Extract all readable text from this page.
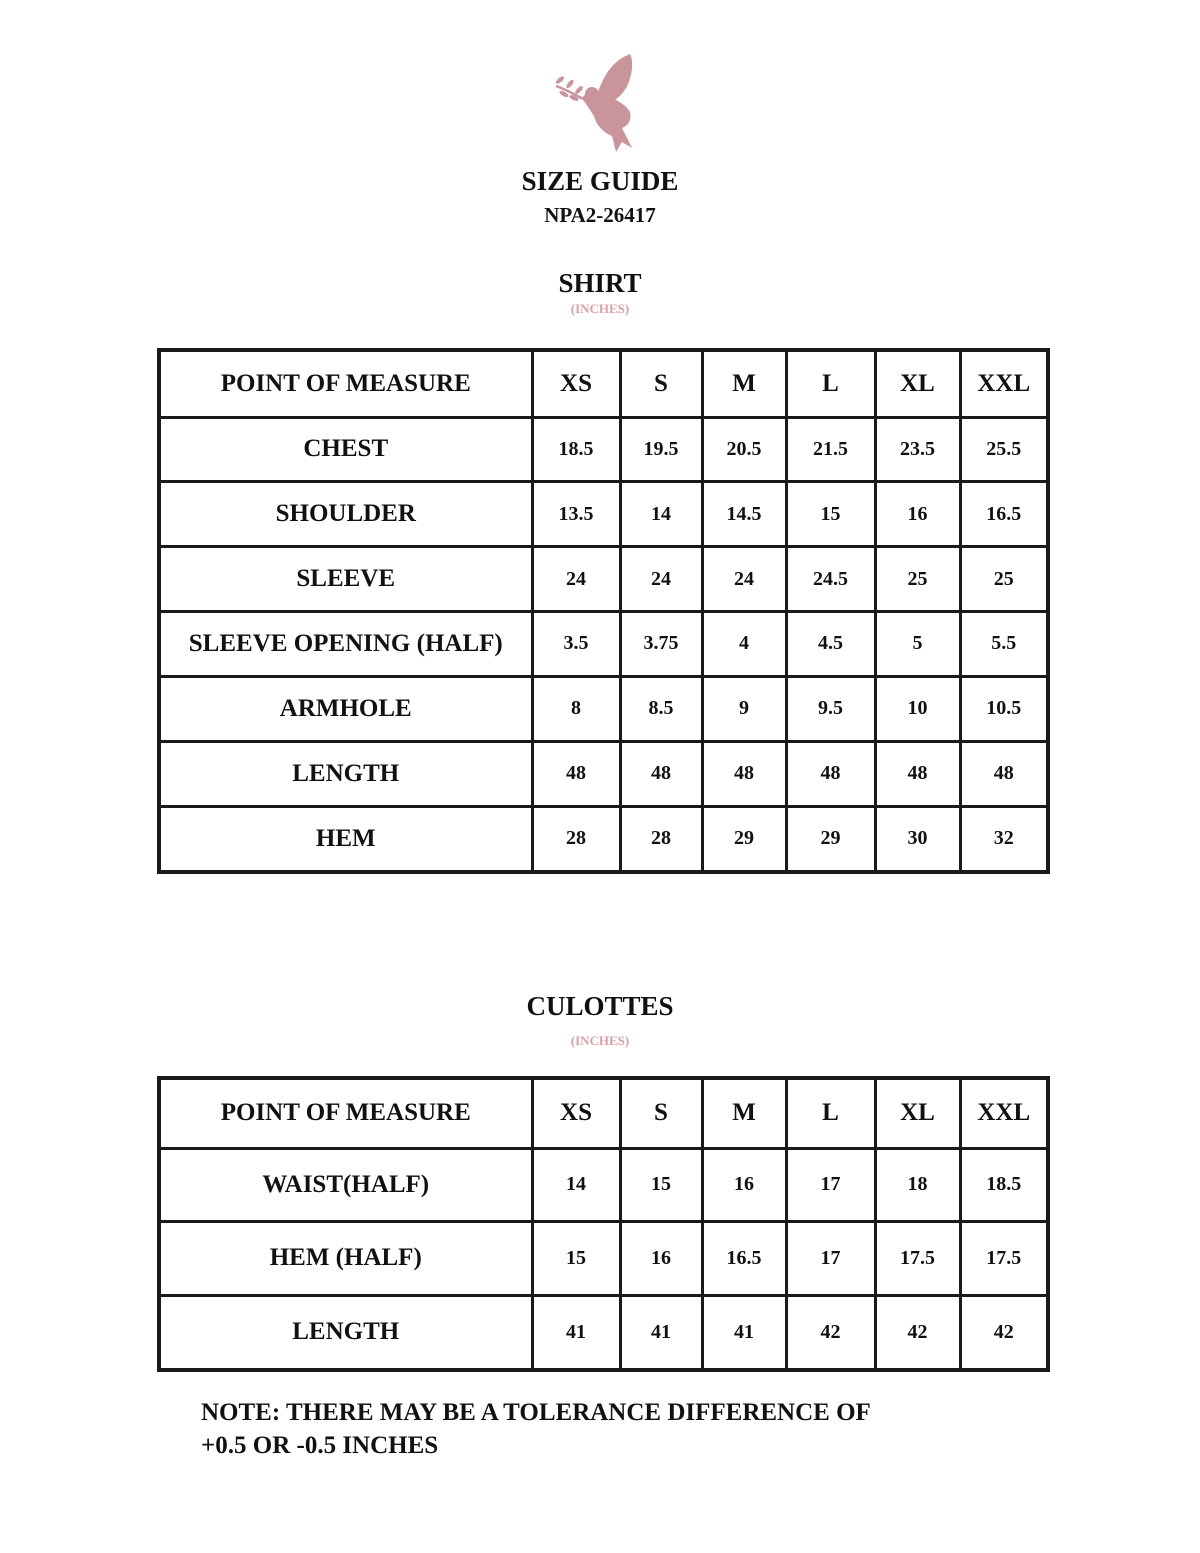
SIZE GUIDE
NPA2-26417
SHIRT
(INCHES)
POINT OF MEASURE	XS	S	M	L	XL	XXL
CHEST	18.5	19.5	20.5	21.5	23.5	25.5
SHOULDER	13.5	14	14.5	15	16	16.5
SLEEVE	24	24	24	24.5	25	25
SLEEVE OPENING (HALF)	3.5	3.75	4	4.5	5	5.5
ARMHOLE	8	8.5	9	9.5	10	10.5
LENGTH	48	48	48	48	48	48
HEM	28	28	29	29	30	32
CULOTTES
(INCHES)
POINT OF MEASURE	XS	S	M	L	XL	XXL
WAIST(HALF)	14	15	16	17	18	18.5
HEM (HALF)	15	16	16.5	17	17.5	17.5
LENGTH	41	41	41	42	42	42
NOTE: THERE MAY BE A TOLERANCE DIFFERENCE OF
+0.5 OR -0.5 INCHES
